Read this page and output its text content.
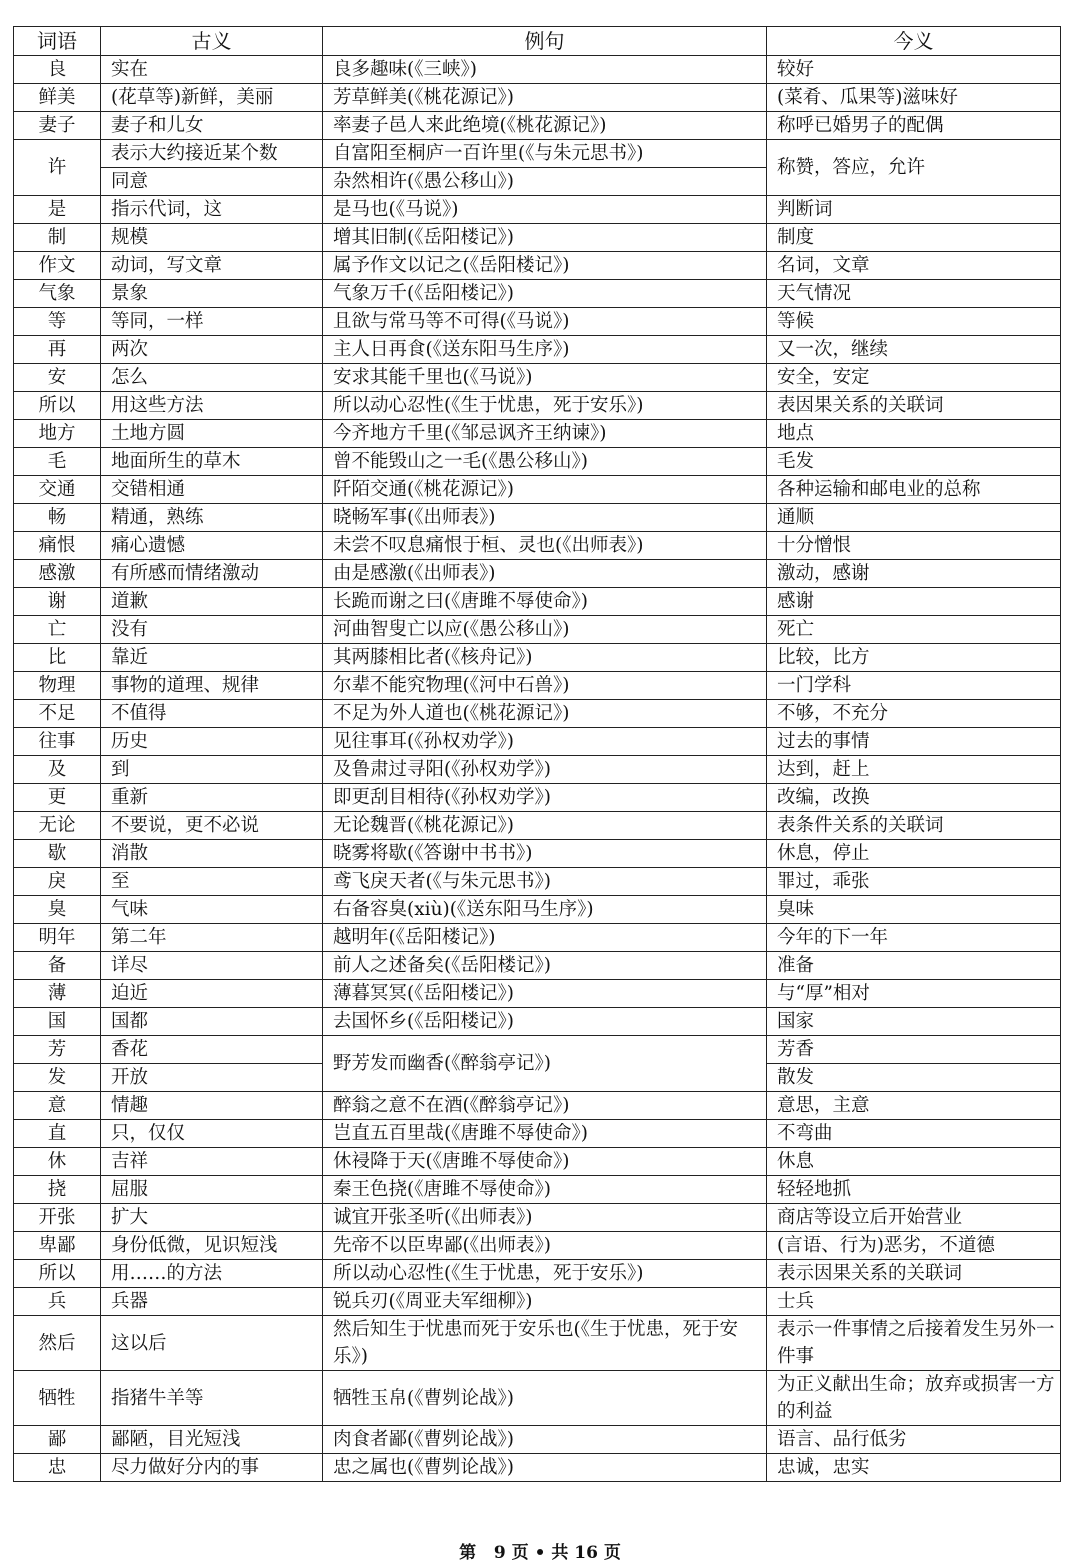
词语	古义	例句	今义
良	实在	良多趣味(《三峡》)	较好
鲜美	(花草等)新鲜，美丽	芳草鲜美(《桃花源记》)	(菜肴、瓜果等)滋味好
妻子	妻子和儿女	率妻子邑人来此绝境(《桃花源记》)	称呼已婚男子的配偶
许	表示大约接近某个数	自富阳至桐庐一百许里(《与朱元思书》)	称赞，答应，允许
	同意	杂然相许(《愚公移山》)	
是	指示代词，这	是马也(《马说》)	判断词
制	规模	增其旧制(《岳阳楼记》)	制度
作文	动词，写文章	属予作文以记之(《岳阳楼记》)	名词，文章
气象	景象	气象万千(《岳阳楼记》)	天气情况
等	等同，一样	且欲与常马等不可得(《马说》)	等候
再	两次	主人日再食(《送东阳马生序》)	又一次，继续
安	怎么	安求其能千里也(《马说》)	安全，安定
所以	用这些方法	所以动心忍性(《生于忧患，死于安乐》)	表因果关系的关联词
地方	土地方圆	今齐地方千里(《邹忌讽齐王纳谏》)	地点
毛	地面所生的草木	曾不能毁山之一毛(《愚公移山》)	毛发
交通	交错相通	阡陌交通(《桃花源记》)	各种运输和邮电业的总称
畅	精通，熟练	晓畅军事(《出师表》)	通顺
痛恨	痛心遗憾	未尝不叹息痛恨于桓、灵也(《出师表》)	十分憎恨
感激	有所感而情绪激动	由是感激(《出师表》)	激动，感谢
谢	道歉	长跪而谢之曰(《唐雎不辱使命》)	感谢
亡	没有	河曲智叟亡以应(《愚公移山》)	死亡
比	靠近	其两膝相比者(《核舟记》)	比较，比方
物理	事物的道理、规律	尔辈不能究物理(《河中石兽》)	一门学科
不足	不值得	不足为外人道也(《桃花源记》)	不够，不充分
往事	历史	见往事耳(《孙权劝学》)	过去的事情
及	到	及鲁肃过寻阳(《孙权劝学》)	达到，赶上
更	重新	即更刮目相待(《孙权劝学》)	改编，改换
无论	不要说，更不必说	无论魏晋(《桃花源记》)	表条件关系的关联词
歇	消散	晓雾将歇(《答谢中书书》)	休息，停止
戾	至	鸢飞戾天者(《与朱元思书》)	罪过，乖张
臭	气味	右备容臭(xiù)(《送东阳马生序》)	臭味
明年	第二年	越明年(《岳阳楼记》)	今年的下一年
备	详尽	前人之述备矣(《岳阳楼记》)	准备
薄	迫近	薄暮冥冥(《岳阳楼记》)	与“厚”相对
国	国都	去国怀乡(《岳阳楼记》)	国家
芳	香花	野芳发而幽香(《醉翁亭记》)	芳香
发	开放		散发
意	情趣	醉翁之意不在酒(《醉翁亭记》)	意思，主意
直	只，仅仅	岂直五百里哉(《唐雎不辱使命》)	不弯曲
休	吉祥	休祲降于天(《唐雎不辱使命》)	休息
挠	屈服	秦王色挠(《唐雎不辱使命》)	轻轻地抓
开张	扩大	诚宜开张圣听(《出师表》)	商店等设立后开始营业
卑鄙	身份低微，见识短浅	先帝不以臣卑鄙(《出师表》)	(言语、行为)恶劣，不道德
所以	用……的方法	所以动心忍性(《生于忧患，死于安乐》)	表示因果关系的关联词
兵	兵器	锐兵刃(《周亚夫军细柳》)	士兵
然后	这以后	然后知生于忧患而死于安乐也(《生于忧患，死于安乐》)	表示一件事情之后接着发生另外一件事
牺牲	指猪牛羊等	牺牲玉帛(《曹刿论战》)	为正义献出生命；放弃或损害一方的利益
鄙	鄙陋，目光短浅	肉食者鄙(《曹刿论战》)	语言、品行低劣
忠	尽力做好分内的事	忠之属也(《曹刿论战》)	忠诚，忠实
第 9 页 • 共 16 页
